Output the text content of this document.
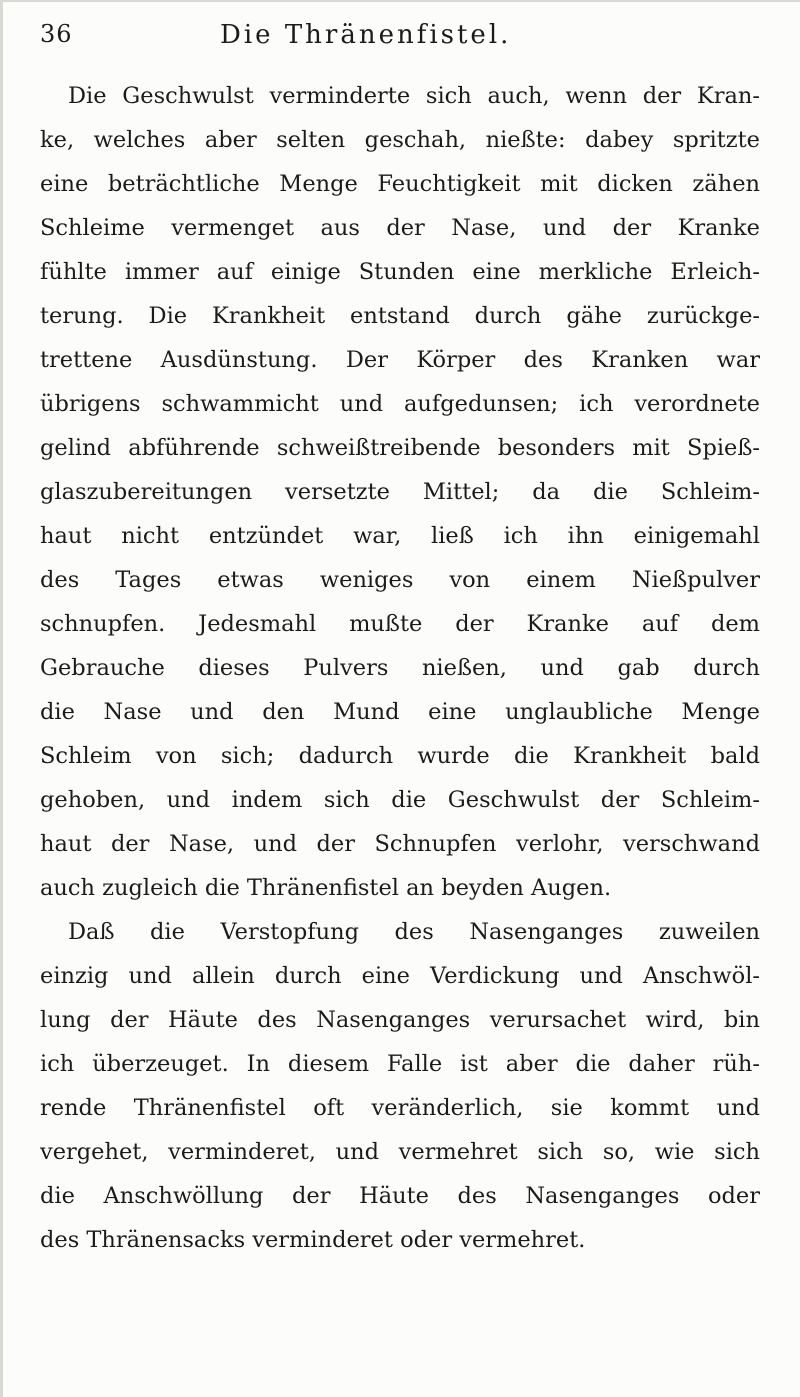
36	Die Thränenfistel.
Die Geschwulst verminderte sich auch, wenn der Kran-
ke, welches aber selten geschah, nießte: dabey spritzte
eine beträchtliche Menge Feuchtigkeit mit dicken zähen
Schleime vermenget aus der Nase, und der Kranke
fühlte immer auf einige Stunden eine merkliche Erleich-
terung. Die Krankheit entstand durch gähe zurückge-
trettene Ausdünstung. Der Körper des Kranken war
übrigens schwammicht und aufgedunsen; ich verordnete
gelind abführende schweißtreibende besonders mit Spieß-
glaszubereitungen versetzte Mittel; da die Schleim-
haut nicht entzündet war, ließ ich ihn einigemahl
des Tages etwas weniges von einem Nießpulver
schnupfen. Jedesmahl mußte der Kranke auf dem
Gebrauche dieses Pulvers nießen, und gab durch
die Nase und den Mund eine unglaubliche Menge
Schleim von sich; dadurch wurde die Krankheit bald
gehoben, und indem sich die Geschwulst der Schleim-
haut der Nase, und der Schnupfen verlohr, verschwand
auch zugleich die Thränenfistel an beyden Augen.
Daß die Verstopfung des Nasenganges zuweilen
einzig und allein durch eine Verdickung und Anschwöl-
lung der Häute des Nasenganges verursachet wird, bin
ich überzeuget. In diesem Falle ist aber die daher rüh-
rende Thränenfistel oft veränderlich, sie kommt und
vergehet, verminderet, und vermehret sich so, wie sich
die Anschwöllung der Häute des Nasenganges oder
des Thränensacks verminderet oder vermehret.
